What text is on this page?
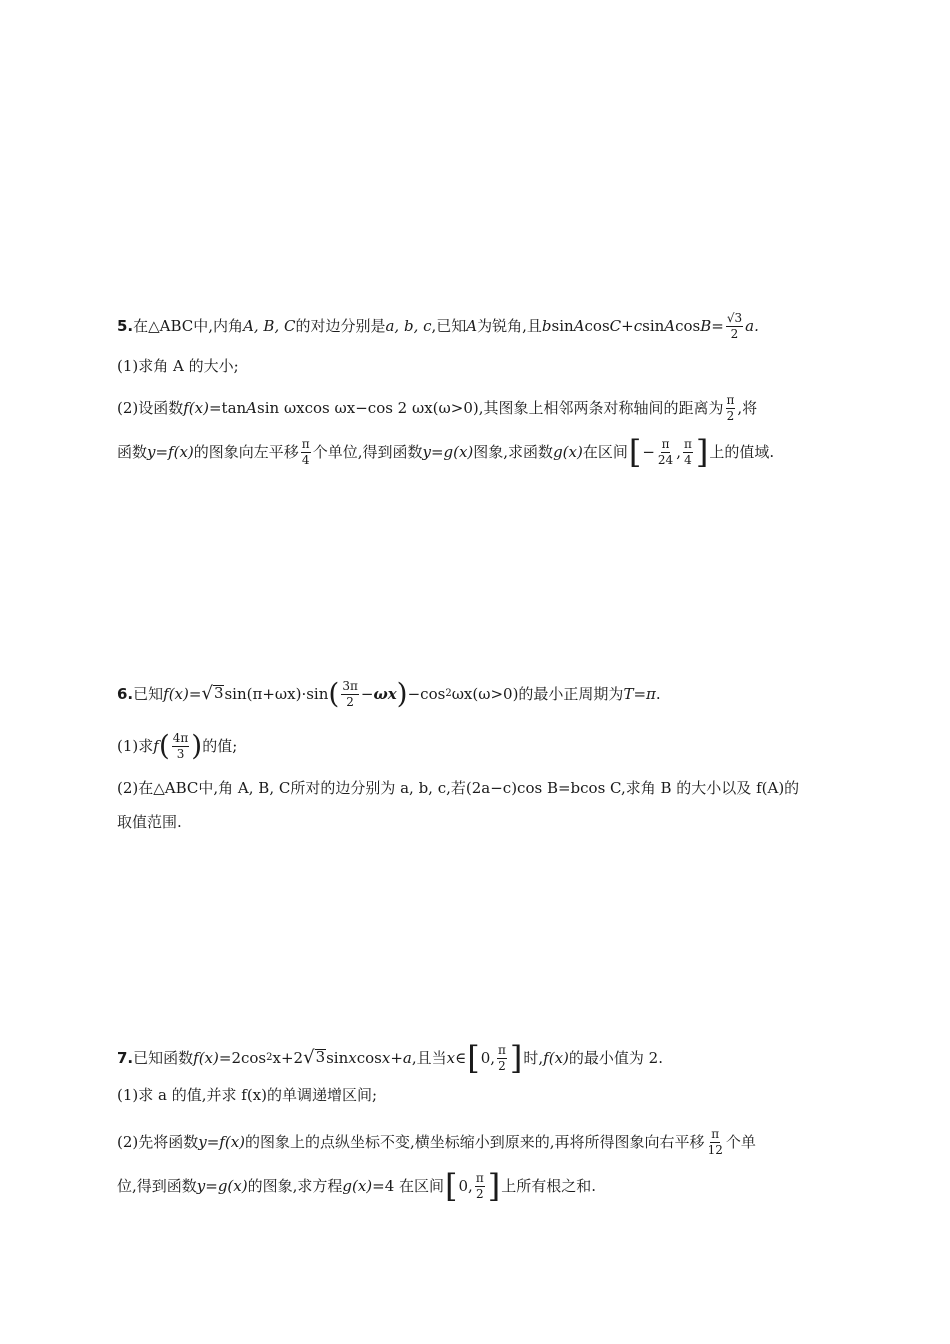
5. 在△ABC中,内角 A, B, C 的对边分别是 a, b, c ,已知 A 为锐角,且 b sin A cos C+c sin A $\cos B= \frac{√3}{2} a$.
(1)求角 A 的大小;
(2)设函数 f(x) =tan A sin ωxcos ωx−cos 2 ωx(ω>0),其图象上相邻两条对称轴间的距离为 $\frac{\pi}{2}$ ,将
函数 y=f(x) 的图象向左平移 $\frac{\pi}{4}$ 个单位,得到函数 y=g(x) 图象,求函数 g(x) 在区间 [ − $\frac{\pi}{24}$ , $\frac{\pi}{4}$ ] 上的值域.
6. 已知 f(x) = √ 3 sin(π+ωx)·sin ( $\frac{3\pi}{2} - \omega x$ ) −cos 2 ωx(ω>0)的最小正周期为 T=π .
(1)求 f ( $\frac{4\pi}{3}$ ) 的值;
(2)在△ABC中,角 A, B, C所对的边分别为 a, b, c,若(2a−c)cos B=bcos C,求角 B 的大小以及 f(A)的
取值范围.
7. 已知函数 f(x) =2cos 2 x+2 √ 3 sin x cos x+a ,且当 x ∈ [ 0, $\frac{\pi}{2}$ ] 时, f(x) 的最小值为 2.
(1)求 a 的值,并求 f(x)的单调递增区间;
(2)先将函数 y=f(x) 的图象上的点纵坐标不变,横坐标缩小到原来的,再将所得图象向右平移 $\frac{\pi}{12}$ 个单
位,得到函数 y=g(x) 的图象,求方程 g(x) =4 在区间 [ 0, $\frac{\pi}{2}$ ] 上所有根之和.
